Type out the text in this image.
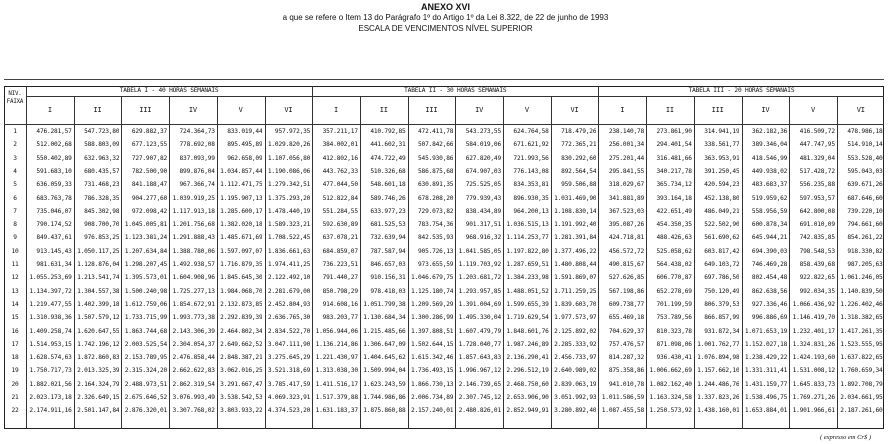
ANEXO XVI
a que se refere o Item 13 do Parágrafo 1º do Artigo 1º da Lei 8.322, de 22 de junho de 1993
ESCALA DE VENCIMENTOS NÍVEL SUPERIOR
TABELA I - 40 HORAS SEMANAIS	TABELA II - 30 HORAS SEMANAIS	TABELA III - 20 HORAS SEMANAIS
NÍV. FAIXA
I	II	III	IV	V	VI	I	II	III	IV	V	VI	I	II	III	IV	V	VI
1	476.281,57	547.723,80	629.882,37	724.364,73	833.019,44	957.972,35	357.211,17	410.792,85	472.411,78	543.273,55	624.764,58	718.479,26	238.140,78	273.861,90	314.941,19	362.182,36	416.509,72	478.986,18
2	512.002,68	588.803,09	677.123,55	778.692,08	895.495,89 1.029.820,26	384.002,01	441.602,31	507.842,66	584.019,06	671.621,92	772.365,21	256.001,34	294.401,54	338.561,77	389.346,04	447.747,95	514.910,14
3	550.402,89	632.963,32	727.907,82	837.093,99	962.658,09 1.107.056,80	412.802,16	474.722,49	545.930,86	627.820,49	721.993,56	830.292,60	275.201,44	316.481,66	363.953,91	418.546,99	481.329,04	553.528,40
4	591.683,10	680.435,57	782.500,90	899.876,04 1.034.857,44 1.190.086,06	443.762,33	510.326,68	586.875,68	674.907,03	776.143,08	892.564,54	295.841,55	340.217,78	391.250,45	449.938,02	517.428,72	595.043,03
5	636.059,33	731.468,23	841.188,47	967.366,74 1.112.471,75 1.279.342,51	477.044,50	548.601,18	630.891,35	725.525,05	834.353,81	959.506,88	318.029,67	365.734,12	420.594,23	483.683,37	556.235,88	639.671,26
6	683.763,78	786.328,35	904.277,60 1.039.919,25 1.195.907,13 1.375.293,20	512.822,84	589.746,26	678.208,20	779.939,43	896.930,35 1.031.469,90	341.881,89	393.164,18	452.138,80	519.959,62	597.953,57	687.646,60
7	735.046,07	845.302,98	972.098,42 1.117.913,18 1.285.600,17 1.478.440,19	551.284,55	633.977,23	729.073,82	838.434,89	964.200,13 1.108.830,14	367.523,03	422.651,49	486.049,21	558.956,59	642.800,08	739.220,10
8	790.174,52	908.700,70 1.045.005,81 1.201.756,68 1.382.020,18 1.589.323,21	592.630,89	681.525,53	783.754,36	901.317,51 1.036.515,13 1.191.992,40	395.087,26	454.350,35	522.502,90	600.878,34	691.010,09	794.661,60
9	849.437,61	976.853,25 1.123.381,24 1.291.888,43 1.485.671,69 1.708.522,45	637.078,21	732.639,94	842.535,93	968.916,32 1.114.253,77 1.281.391,84	424.718,81	488.426,63	561.690,62	645.944,21	742.835,85	854.261,22
10	913.145,43 1.050.117,25 1.207.634,84 1.388.780,06 1.597.097,07 1.836.661,63	684.859,07	787.587,94	905.726,13 1.041.585,05 1.197.822,80 1.377.496,22	456.572,72	525.058,62	603.817,42	694.390,03	798.548,53	918.330,82
11	981.631,34 1.128.876,04 1.298.207,45 1.492.938,57 1.716.879,35 1.974.411,25	736.223,51	846.657,03	973.655,59 1.119.703,92 1.287.659,51 1.480.808,44	490.815,67	564.438,02	649.103,72	746.469,28	858.439,68	987.205,63
12	1.055.253,69 1.213.541,74 1.395.573,01 1.604.908,96 1.845.645,30 2.122.492,10	791.440,27	910.156,31 1.046.679,75 1.203.681,72 1.384.233,98 1.591.869,07	527.626,85	606.770,87	697.786,50	802.454,48	922.822,65 1.061.246,05
13	1.134.397,72 1.304.557,38 1.500.240,98 1.725.277,13 1.984.068,70 2.281.679,00	850.798,29	978.418,03 1.125.180,74 1.293.957,85 1.488.051,52 1.711.259,25	567.198,86	652.278,69	750.120,49	862.638,56	992.034,35 1.140.839,50
14	1.219.477,55 1.402.399,18 1.612.759,06 1.854.672,91 2.132.873,85 2.452.804,93	914.608,16 1.051.799,38 1.209.569,29 1.391.004,69 1.599.655,39 1.839.603,70	609.738,77	701.199,59	806.379,53	927.336,46 1.066.436,92 1.226.402,46
15	1.310.938,36 1.507.579,12 1.733.715,99 1.993.773,38 2.292.839,39 2.636.765,30	983.203,77 1.130.684,34 1.300.286,99 1.495.330,04 1.719.629,54 1.977.573,97	655.469,18	753.789,56	866.857,99	996.886,69 1.146.419,70 1.318.382,65
16	1.409.258,74 1.620.647,55 1.863.744,68 2.143.306,39 2.464.802,34 2.834.522,70 1.056.944,06 1.215.485,66 1.397.808,51 1.607.479,79 1.848.601,76 2.125.892,02	704.629,37	810.323,78	931.872,34 1.071.653,19 1.232.401,17 1.417.261,35
17	1.514.953,15 1.742.196,12 2.003.525,54 2.304.054,37 2.649.662,52 3.047.111,90 1.136.214,86 1.306.647,09 1.502.644,15 1.728.040,77 1.987.246,89 2.285.333,92	757.476,57	871.098,06 1.001.762,77 1.152.027,18 1.324.831,26 1.523.555,95
18	1.628.574,63 1.872.860,83 2.153.789,95 2.476.858,44 2.848.387,21 3.275.645,29 1.221.430,97 1.404.645,62 1.615.342,46 1.857.643,83 2.136.290,41 2.456.733,97	814.287,32	936.430,41 1.076.894,98 1.238.429,22 1.424.193,60 1.637.822,65
19	1.750.717,73 2.013.325,39 2.315.324,20 2.662.622,83 3.062.016,25 3.521.318,69 1.313.038,30 1.509.994,04 1.736.493,15 1.996.967,12 2.296.512,19 2.640.989,02	875.358,86 1.006.662,69 1.157.662,10 1.331.311,41 1.531.008,12 1.760.659,34
20	1.882.021,56 2.164.324,79 2.488.973,51 2.862.319,54 3.291.667,47 3.785.417,59 1.411.516,17 1.623.243,59 1.866.730,13 2.146.739,65 2.468.750,60 2.839.063,19	941.010,78 1.082.162,40 1.244.486,76 1.431.159,77 1.645.833,73 1.892.708,79
21	2.023.173,18 2.326.649,15 2.675.646,52 3.076.993,49 3.538.542,53 4.069.323,91 1.517.379,88 1.744.986,86 2.006.734,89 2.307.745,12 2.653.906,90 3.051.992,93 1.011.586,59 1.163.324,58 1.337.823,26 1.538.496,75 1.769.271,26 2.034.661,95
22	2.174.911,16 2.501.147,84 2.876.320,01 3.307.768,02 3.803.933,22 4.374.523,20 1.631.183,37 1.875.860,88 2.157.240,01 2.480.826,01 2.852.949,91 3.280.892,40 1.087.455,58 1.250.573,92 1.438.160,01 1.653.884,01 1.901.966,61 2.187.261,60
( expresso em Cr$ )
